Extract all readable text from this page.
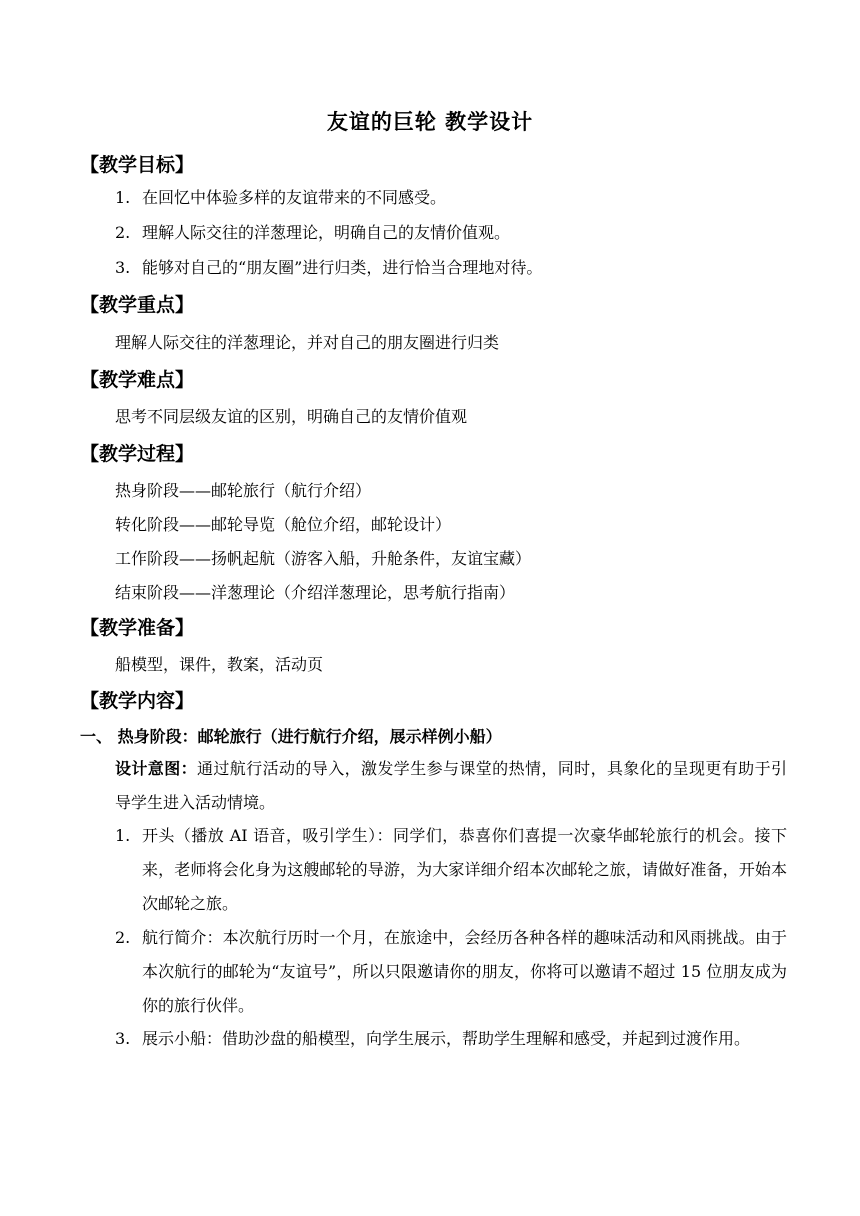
友谊的巨轮 教学设计
【教学目标】
1. 在回忆中体验多样的友谊带来的不同感受。
2. 理解人际交往的洋葱理论，明确自己的友情价值观。
3. 能够对自己的“朋友圈”进行归类，进行恰当合理地对待。
【教学重点】
理解人际交往的洋葱理论，并对自己的朋友圈进行归类
【教学难点】
思考不同层级友谊的区别，明确自己的友情价值观
【教学过程】
热身阶段——邮轮旅行（航行介绍）
转化阶段——邮轮导览（舱位介绍，邮轮设计）
工作阶段——扬帆起航（游客入船，升舱条件，友谊宝藏）
结束阶段——洋葱理论（介绍洋葱理论，思考航行指南）
【教学准备】
船模型，课件，教案，活动页
【教学内容】
一、 热身阶段：邮轮旅行（进行航行介绍，展示样例小船）
设计意图：通过航行活动的导入，激发学生参与课堂的热情，同时，具象化的呈现更有助于引导学生进入活动情境。
1. 开头（播放 AI 语音，吸引学生）：同学们，恭喜你们喜提一次豪华邮轮旅行的机会。接下来，老师将会化身为这艘邮轮的导游，为大家详细介绍本次邮轮之旅，请做好准备，开始本次邮轮之旅。
2. 航行简介：本次航行历时一个月，在旅途中，会经历各种各样的趣味活动和风雨挑战。由于本次航行的邮轮为“友谊号”，所以只限邀请你的朋友，你将可以邀请不超过 15 位朋友成为你的旅行伙伴。
3. 展示小船：借助沙盘的船模型，向学生展示，帮助学生理解和感受，并起到过渡作用。
